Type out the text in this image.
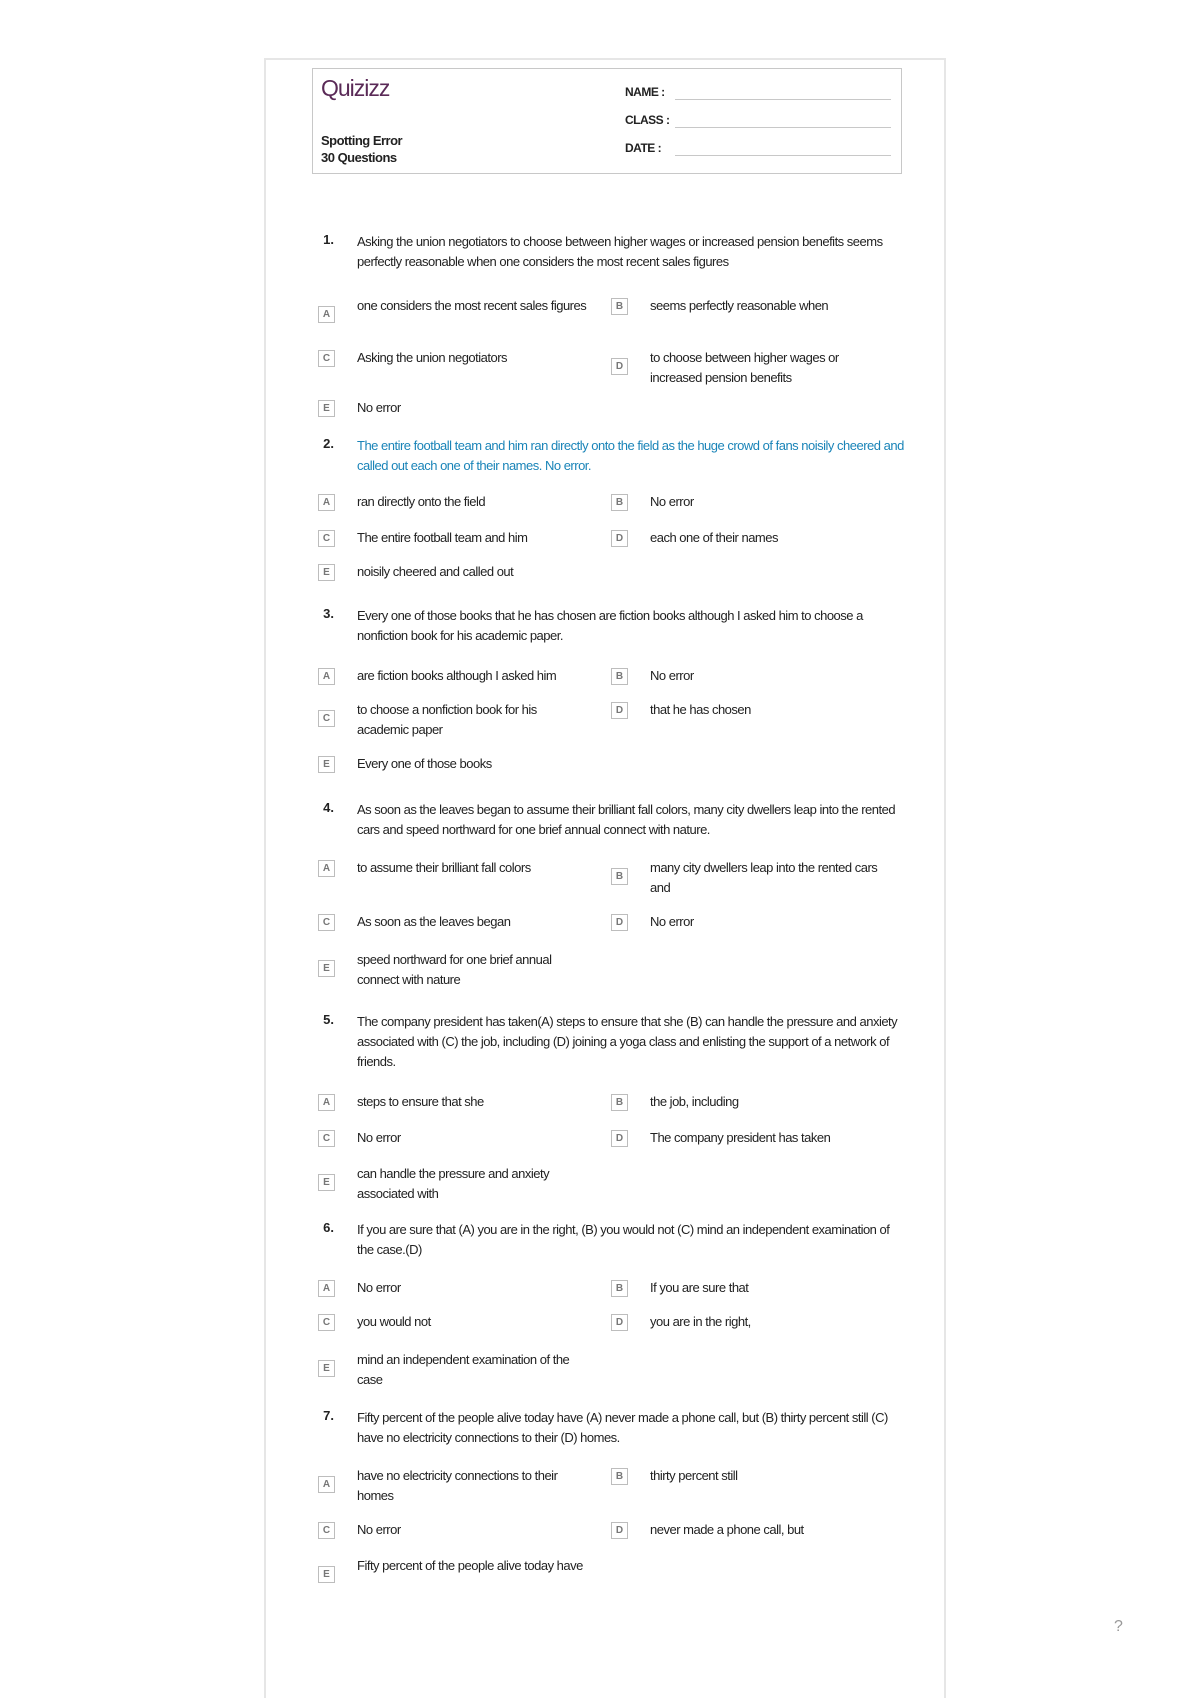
Quizizz
Spotting Error
30 Questions
NAME :
CLASS :
DATE :
1. Asking the union negotiators to choose between higher wages or increased pension benefits seems perfectly reasonable when one considers the most recent sales figures
A
one considers the most recent sales figures	B	seems perfectly reasonable when
C	Asking the union negotiators
D
to choose between higher wages or increased pension benefits
E	No error
2. The entire football team and him ran directly onto the field as the huge crowd of fans noisily cheered and called out each one of their names. No error.
A	ran directly onto the field	B	No error
C	The entire football team and him	D	each one of their names
E	noisily cheered and called out
3. Every one of those books that he has chosen are fiction books although I asked him to choose a nonfiction book for his academic paper.
A	are fiction books although I asked him	B	No error
C
to choose a nonfiction book for his academic paper
D	that he has chosen
E	Every one of those books
4. As soon as the leaves began to assume their brilliant fall colors, many city dwellers leap into the rented cars and speed northward for one brief annual connect with nature.
A	to assume their brilliant fall colors
B
many city dwellers leap into the rented cars and
C	As soon as the leaves began	D	No error
E
speed northward for one brief annual connect with nature
5. The company president has taken(A) steps to ensure that she (B) can handle the pressure and anxiety associated with (C) the job, including (D) joining a yoga class and enlisting the support of a network of friends.
A	steps to ensure that she	B	the job, including
C	No error	D	The company president has taken
E
can handle the pressure and anxiety associated with
6. If you are sure that (A) you are in the right, (B) you would not (C) mind an independent examination of the case.(D)
A	No error	B	If you are sure that
C	you would not	D	you are in the right,
E
mind an independent examination of the case
7. Fifty percent of the people alive today have (A) never made a phone call, but (B) thirty percent still (C) have no electricity connections to their (D) homes.
A
have no electricity connections to their homes
B	thirty percent still
C	No error	D	never made a phone call, but
E
Fifty percent of the people alive today have
?
